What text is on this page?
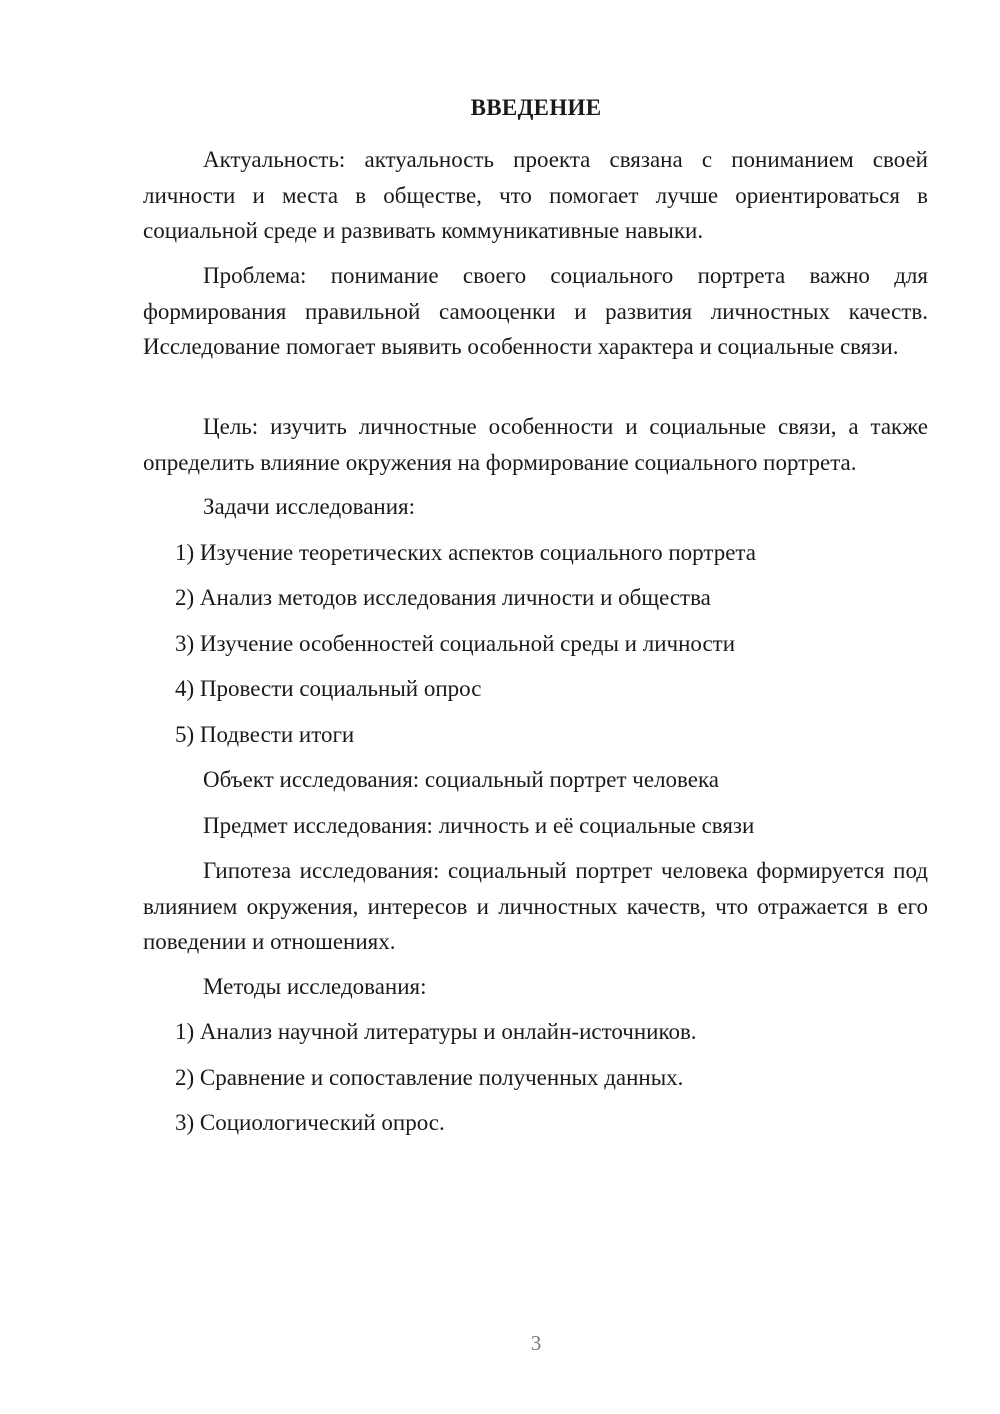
ВВЕДЕНИЕ
Актуальность: актуальность проекта связана с пониманием своей личности и места в обществе, что помогает лучше ориентироваться в социальной среде и развивать коммуникативные навыки.
Проблема: понимание своего социального портрета важно для формирования правильной самооценки и развития личностных качеств. Исследование помогает выявить особенности характера и социальные связи.
Цель: изучить личностные особенности и социальные связи, а также определить влияние окружения на формирование социального портрета.
Задачи исследования:
1) Изучение теоретических аспектов социального портрета
2) Анализ методов исследования личности и общества
3) Изучение особенностей социальной среды и личности
4) Провести социальный опрос
5) Подвести итоги
Объект исследования: социальный портрет человека
Предмет исследования: личность и её социальные связи
Гипотеза исследования: социальный портрет человека формируется под влиянием окружения, интересов и личностных качеств, что отражается в его поведении и отношениях.
Методы исследования:
1) Анализ научной литературы и онлайн-источников.
2) Сравнение и сопоставление полученных данных.
3) Социологический опрос.
3
